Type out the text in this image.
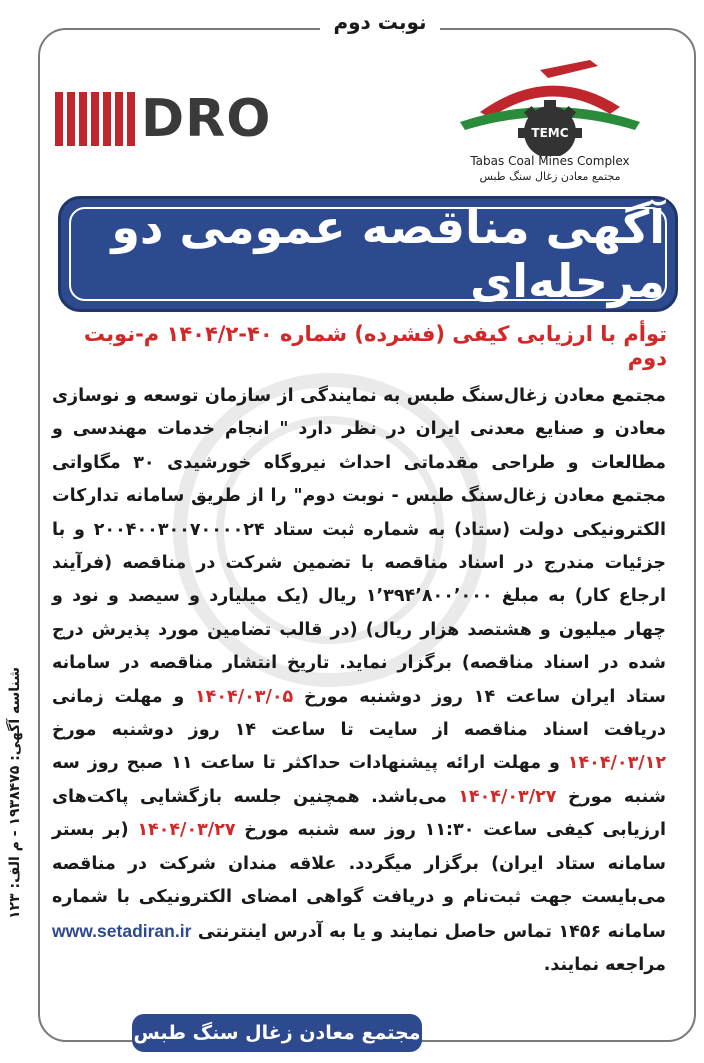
نوبت دوم
DRO	TEMC
Tabas Coal Mines Complex
مجتمع معادن زغال سنگ طبس
آگهی مناقصه عمومی دو مرحله‌ای
توأم با ارزیابی کیفی (فشرده) شماره ۴۰-۱۴۰۴/۲ م-نوبت دوم
مجتمع معادن زغال‌سنگ طبس به نمایندگی از سازمان توسعه و نوسازی معادن و صنایع معدنی ایران در نظر دارد " انجام خدمات مهندسی و مطالعات و طراحی مقدماتی احداث نیروگاه خورشیدی ۳۰ مگاواتی مجتمع معادن زغال‌سنگ طبس - نوبت دوم" را از طریق سامانه تدارکات الکترونیکی دولت (ستاد) به شماره ثبت ستاد ۲۰۰۴۰۰۳۰۰۷۰۰۰۰۲۴ و با جزئیات مندرج در اسناد مناقصه با تضمین شرکت در مناقصه (فرآیند ارجاع کار) به مبلغ ۱٬۳۹۴٬۸۰۰٬۰۰۰ ریال (یک میلیارد و سیصد و نود و چهار میلیون و هشتصد هزار ریال) (در قالب تضامین مورد پذیرش درج شده در اسناد مناقصه) برگزار نماید. تاریخ انتشار مناقصه در سامانه ستاد ایران ساعت ۱۴ روز دوشنبه مورخ ۱۴۰۴/۰۳/۰۵ و مهلت زمانی دریافت اسناد مناقصه از سایت تا ساعت ۱۴ روز دوشنبه مورخ ۱۴۰۴/۰۳/۱۲ و مهلت ارائه پیشنهادات حداکثر تا ساعت ۱۱ صبح روز سه شنبه مورخ ۱۴۰۴/۰۳/۲۷ می‌باشد. همچنین جلسه بازگشایی پاکت‌های ارزیابی کیفی ساعت ۱۱:۳۰ روز سه شنبه مورخ ۱۴۰۴/۰۳/۲۷ (بر بستر سامانه ستاد ایران) برگزار میگردد. علاقه مندان شرکت در مناقصه می‌بایست جهت ثبت‌نام و دریافت گواهی امضای الکترونیکی با شماره سامانه ۱۴۵۶ تماس حاصل نمایند و یا به آدرس اینترنتی www.setadiran.ir مراجعه نمایند.
شناسه آگهی: ۱۹۳۸۴۷۵ - م الف: ۱۲۳
مجتمع معادن زغال سنگ طبس
